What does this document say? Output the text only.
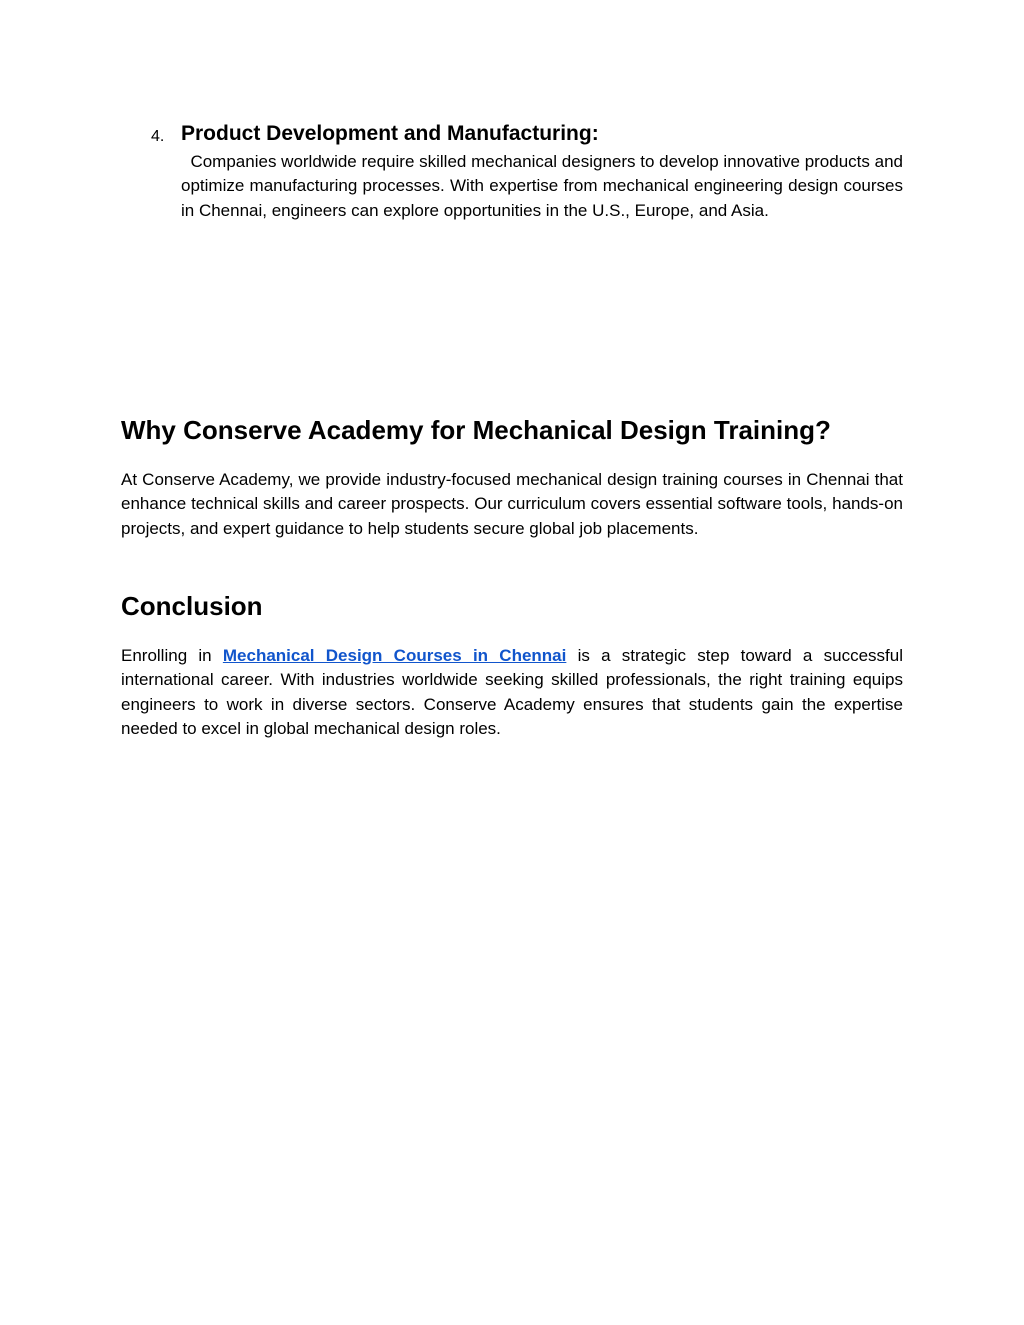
4. Product Development and Manufacturing:

Companies worldwide require skilled mechanical designers to develop innovative products and optimize manufacturing processes. With expertise from mechanical engineering design courses in Chennai, engineers can explore opportunities in the U.S., Europe, and Asia.

Why Conserve Academy for Mechanical Design Training?

At Conserve Academy, we provide industry-focused mechanical design training courses in Chennai that enhance technical skills and career prospects. Our curriculum covers essential software tools, hands-on projects, and expert guidance to help students secure global job placements.

Conclusion

Enrolling in Mechanical Design Courses in Chennai is a strategic step toward a successful international career. With industries worldwide seeking skilled professionals, the right training equips engineers to work in diverse sectors. Conserve Academy ensures that students gain the expertise needed to excel in global mechanical design roles.
